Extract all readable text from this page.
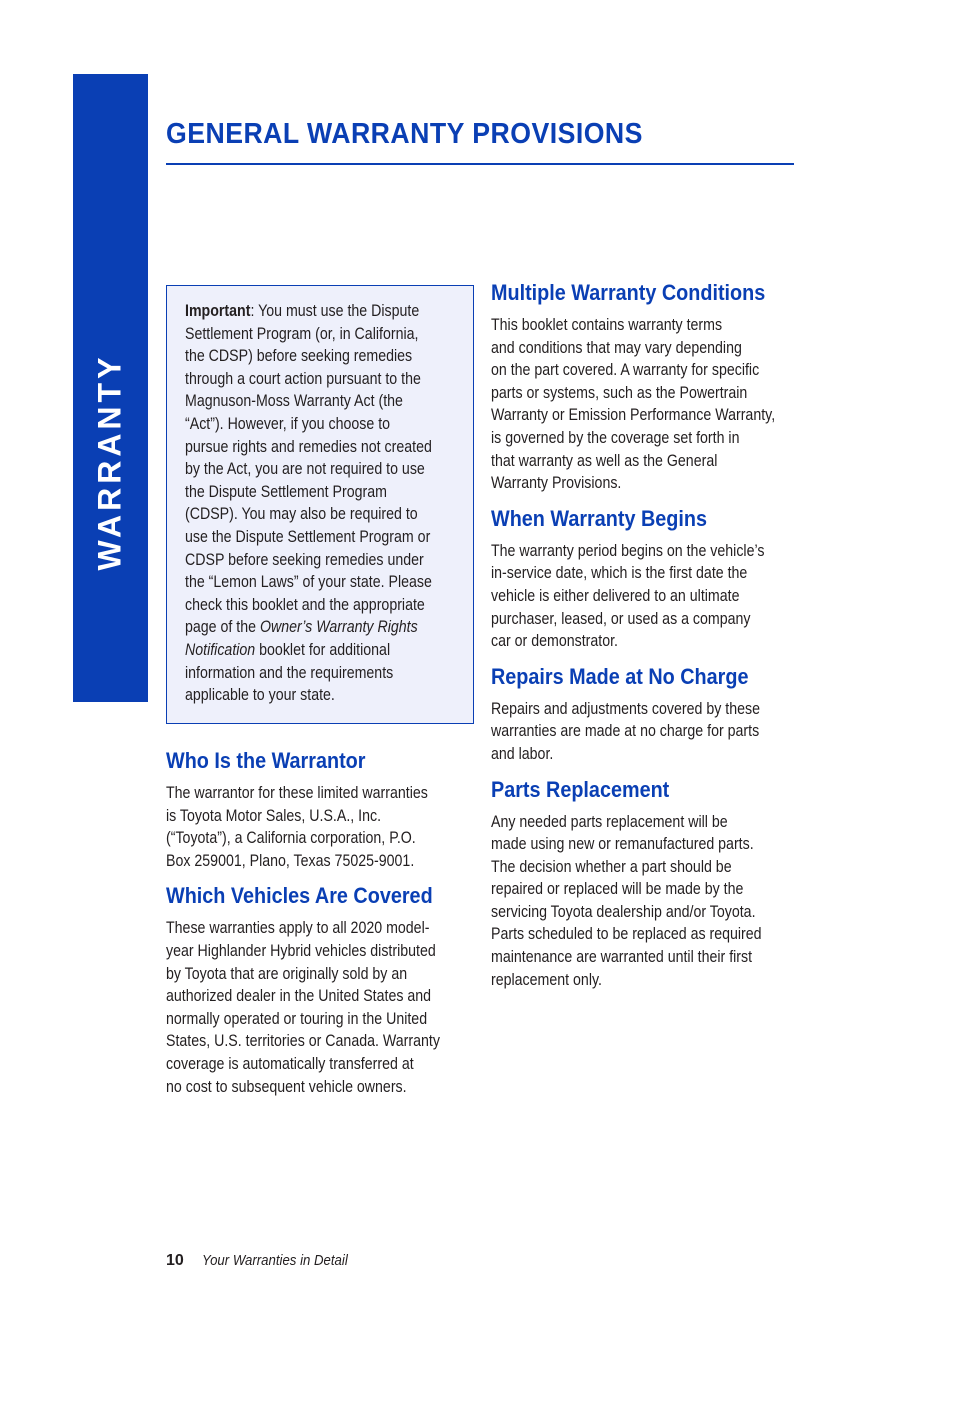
WARRANTY
GENERAL WARRANTY PROVISIONS
Important: You must use the Dispute
Settlement Program (or, in California,
the CDSP) before seeking remedies
through a court action pursuant to the
Magnuson-Moss Warranty Act (the
“Act”). However, if you choose to
pursue rights and remedies not created
by the Act, you are not required to use
the Dispute Settlement Program
(CDSP). You may also be required to
use the Dispute Settlement Program or
CDSP before seeking remedies under
the “Lemon Laws” of your state. Please
check this booklet and the appropriate
page of the Owner’s Warranty Rights
Notification booklet for additional
information and the requirements
applicable to your state.
Who Is the Warrantor
The warrantor for these limited warranties
is Toyota Motor Sales, U.S.A., Inc.
(“Toyota”), a California corporation, P.O.
Box 259001, Plano, Texas 75025-9001.
Which Vehicles Are Covered
These warranties apply to all 2020 model-
year Highlander Hybrid vehicles distributed
by Toyota that are originally sold by an
authorized dealer in the United States and
normally operated or touring in the United
States, U.S. territories or Canada. Warranty
coverage is automatically transferred at
no cost to subsequent vehicle owners.
Multiple Warranty Conditions
This booklet contains warranty terms
and conditions that may vary depending
on the part covered. A warranty for specific
parts or systems, such as the Powertrain
Warranty or Emission Performance Warranty,
is governed by the coverage set forth in
that warranty as well as the General
Warranty Provisions.
When Warranty Begins
The warranty period begins on the vehicle’s
in-service date, which is the first date the
vehicle is either delivered to an ultimate
purchaser, leased, or used as a company
car or demonstrator.
Repairs Made at No Charge
Repairs and adjustments covered by these
warranties are made at no charge for parts
and labor.
Parts Replacement
Any needed parts replacement will be
made using new or remanufactured parts.
The decision whether a part should be
repaired or replaced will be made by the
servicing Toyota dealership and/or Toyota.
Parts scheduled to be replaced as required
maintenance are warranted until their first
replacement only.
10 Your Warranties in Detail
